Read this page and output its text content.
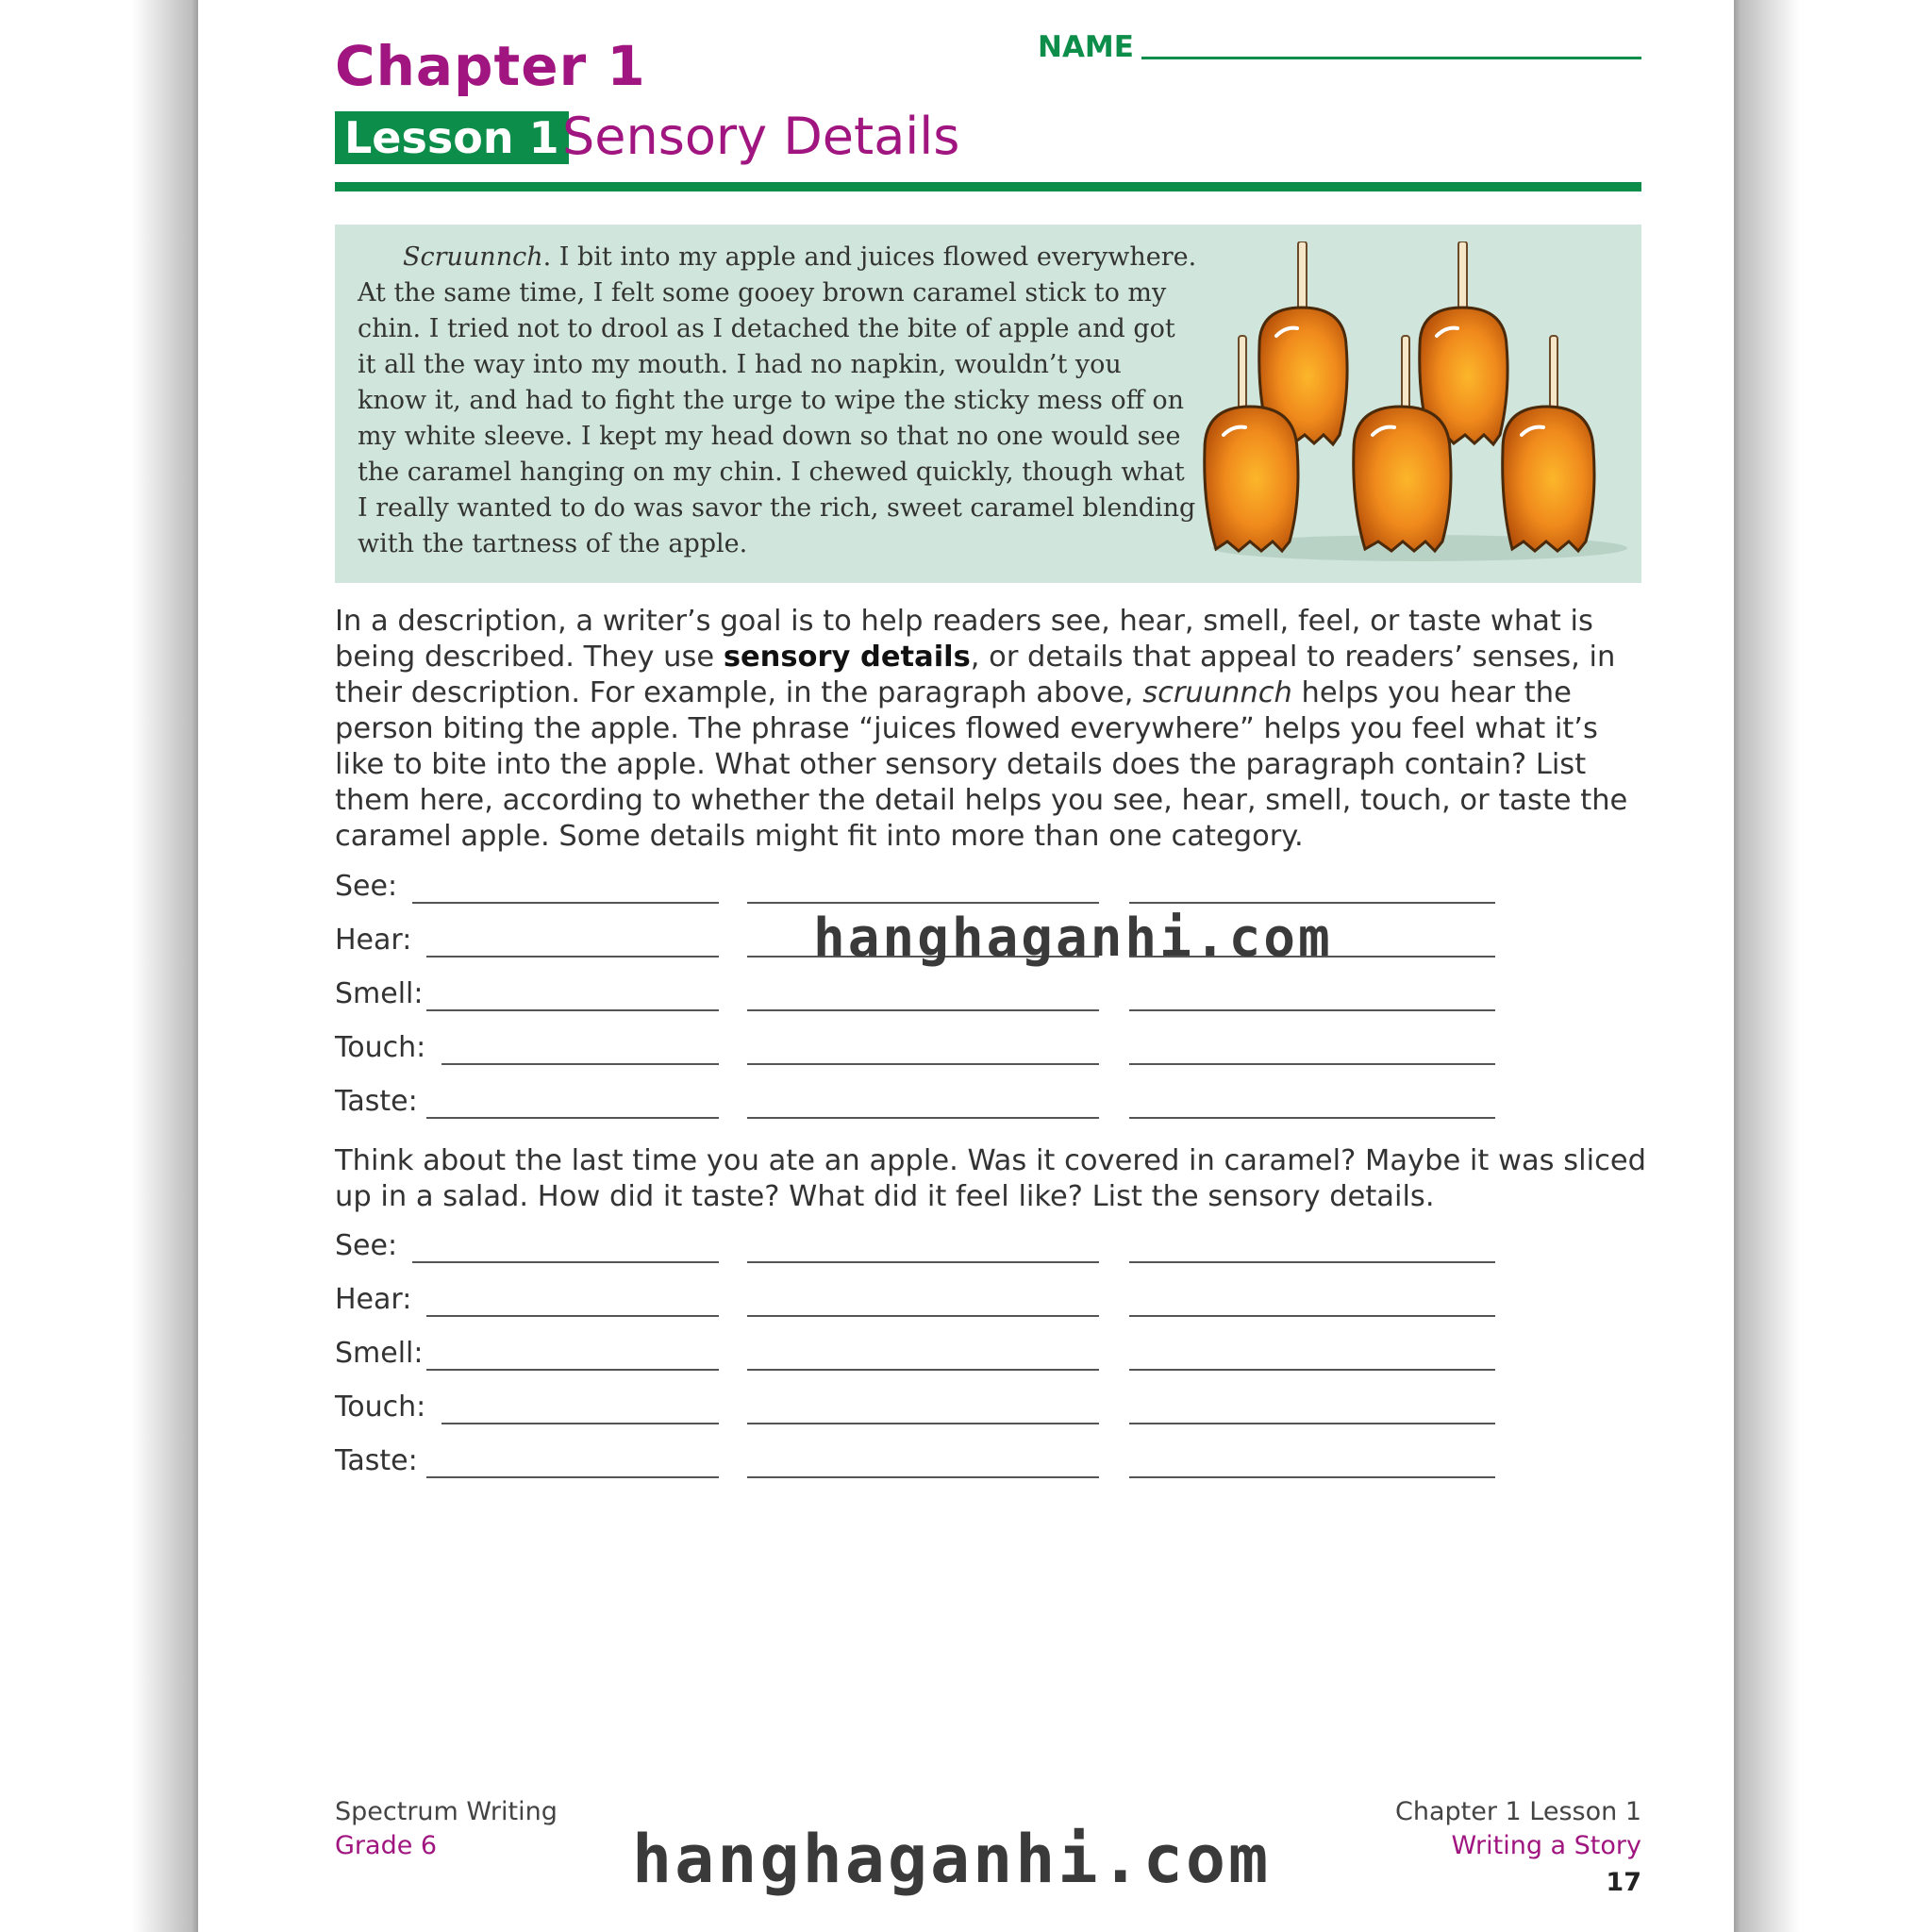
Chapter 1	NAME
Lesson 1 Sensory Details
Scruunnch. I bit into my apple and juices flowed everywhere. At the same time, I felt some gooey brown caramel stick to my chin. I tried not to drool as I detached the bite of apple and got it all the way into my mouth. I had no napkin, wouldn’t you know it, and had to fight the urge to wipe the sticky mess off on my white sleeve. I kept my head down so that no one would see the caramel hanging on my chin. I chewed quickly, though what I really wanted to do was savor the rich, sweet caramel blending with the tartness of the apple.
In a description, a writer’s goal is to help readers see, hear, smell, feel, or taste what is being described. They use sensory details, or details that appeal to readers’ senses, in their description. For example, in the paragraph above, scruunnch helps you hear the person biting the apple. The phrase “juices flowed everywhere” helps you feel what it’s like to bite into the apple. What other sensory details does the paragraph contain? List them here, according to whether the detail helps you see, hear, smell, touch, or taste the caramel apple. Some details might fit into more than one category.
See:
Hear:
Smell:
Touch:
Taste:
Think about the last time you ate an apple. Was it covered in caramel? Maybe it was sliced up in a salad. How did it taste? What did it feel like? List the sensory details.
See:
Hear:
Smell:
Touch:
Taste:
Spectrum Writing
Grade 6
Chapter 1 Lesson 1
Writing a Story
17
hanghaganhi.com
hanghaganhi.com
